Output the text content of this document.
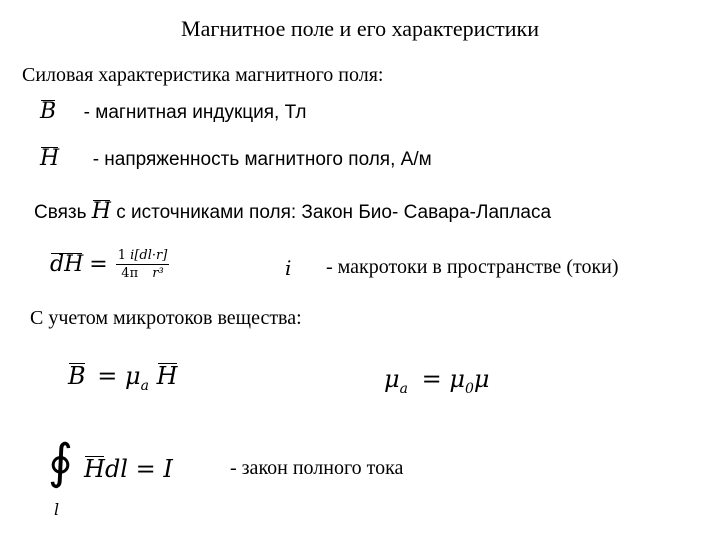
Магнитное поле и его характеристики
Силовая характеристика магнитного поля:
B - магнитная индукция, Тл
H - напряженность магнитного поля, А/м
Связь H с источниками поля: Закон Био- Савара-Лапласа
dH = $\frac{1 i[dl\cdot r]}{\text{4π r³}}$	i - макротоки в пространстве (токи)
С учетом микротоков вещества:
$B = \mu_a$ H	$\mu_a = \mu_0\mu$
∮
l
Hdl = I	- закон полного тока
